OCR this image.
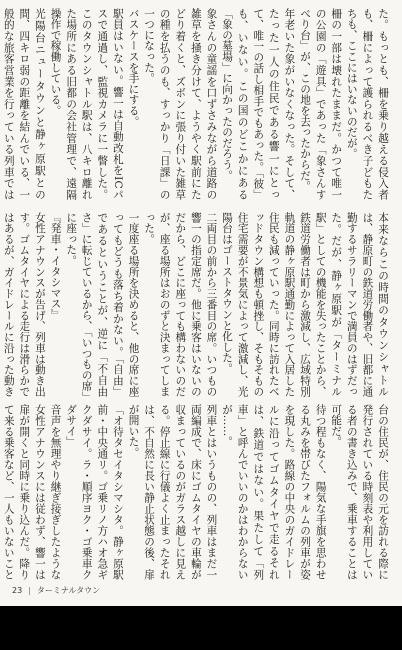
た。もっとも、柵を乗り越える侵入者も、柵によって護られるべき子どもたちも、ここにはいないのだが。

柵の一部は壊れたままだ。かつて唯一の公園の「遊具」であった「象さんすべり台」が、この地を去ったからだ。

年老いた象がいなくなった。そして、たった一人の住民である響一にとって、唯一の話し相手でもあった。「彼」も、いない。この国のどこかにある「象の墓場」に向かったのだろう。

象さんの童謡を口ずさみながら道路の雑草を掻き分けて、ようやく駅前にたどり着くと、ズボンに張り付いた雑草の種を払うのも、すっかり「日課」の一つになった。

バスケースを手にする。

駅員はいない。響一は自動改札をICパスで通過し、監視カメラに一瞥した。このタウンシャトル駅は、八キロ離れた場所にある旧都の会社管理で、遠隔操作で稼働している。

光陽台ニュータウンと静ヶ原駅との間、四キロ弱の距離を結んでいる、一般的な旅客営業を行っている列車では

本来ならこの時間のタウンシャトルは、静原町の鉄道労働者や、旧都に通勤するサラリーマンで満員のはずだった。だが、静ヶ原駅が「ターミナル駅」としての機能を失ったことから、鉄道労働者は町から激減し、広域特別軌道の静ヶ原駅通勤によって入居した住民も減っていった。同時に訪れたベッドタウン構想も頓挫し、そもそもの住宅需要が不景気によって激減し、光陽台はゴーストタウンと化した。

二両目の前から三番目の席。いつもの響一の指定席だ。他に乗客はいないのだから、どこに座っても構わないのだが、座る場所はおのずと決まってしまった。

一度座る場所を決めると、他の席に座ってもどうも落ち着かない。「自由」であるということが、逆に「不自由さ」に転じているから、「いつもの席」に座った。

『発車・イタシマス』

女性アナウンスが告げ、列車は動き出す。ゴムタイヤによる走行は滑らかではあるが、ガイドレールに沿った動き

台の住民が、住民の元を訪れる際に発行されている時刻表や利用している者の書き込みで、乗車することは可能だ。

待つ程もなく、陽気な手旗を思わせる丸みを帯びたフォルムの列車が姿を現した。路線の中央のガイドレールに沿ってゴムタイヤで走るそれは、鉄道ではない。果たして「列車」と呼んでいいのかはわからないが……。

列車とはいうものの、列車はまだ一両編成で、床にゴムタイヤの車輪が収まっているのがガラス越しに見える。停止線に行儀よく止まったそれは、不自然に長い静止状態の後、扉が開いた。

「オ待タセイタシマシタ。静ヶ原駅前・中央通リ。ゴ乗リノ方ハオ急ギクダサイ。ラ・順序ヨク・ゴ乗車クダサイ」

音声を無理やり継ぎ接ぎしたような女性アナウンスには従わず、響一は扉が開くと同時に乗り込んだ。降りて来る乗客など、一人もいないこと

23 | ターミナルタウン
